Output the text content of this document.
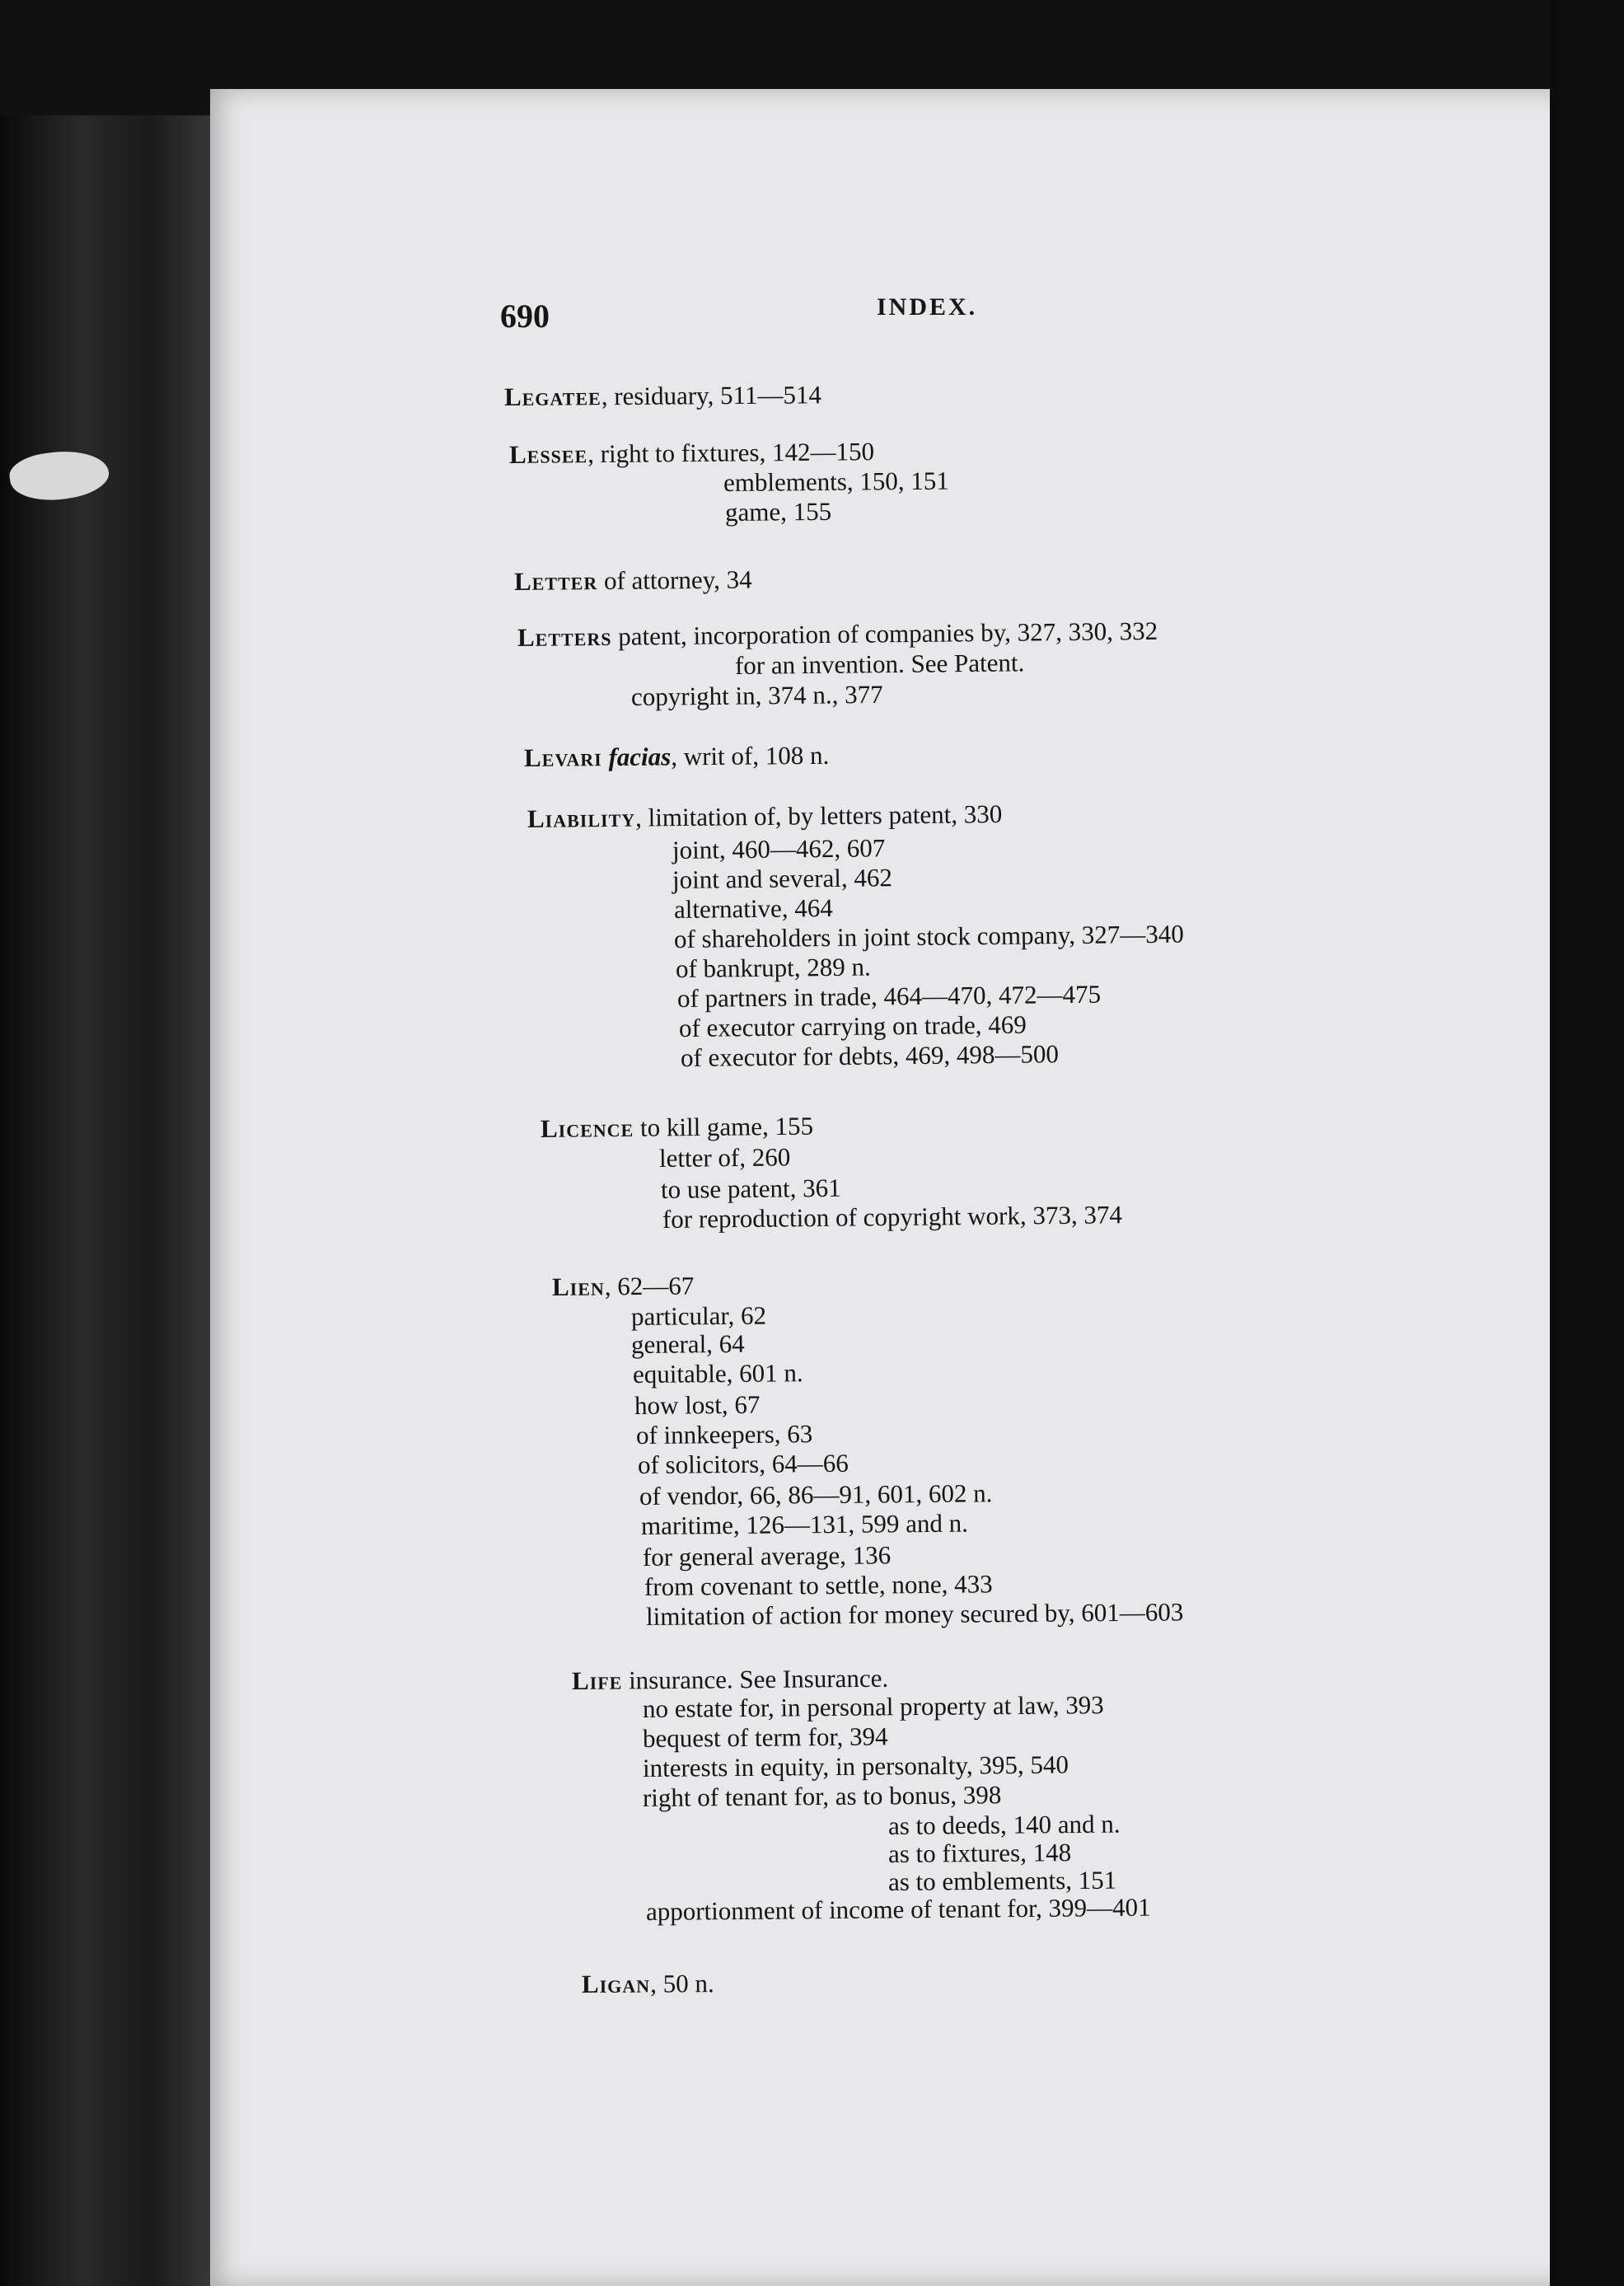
690	INDEX.
Legatee, residuary, 511—514
Lessee, right to fixtures, 142—150
emblements, 150, 151
game, 155
Letter of attorney, 34
Letters patent, incorporation of companies by, 327, 330, 332
for an invention. See Patent.
copyright in, 374 n., 377
Levari facias, writ of, 108 n.
Liability, limitation of, by letters patent, 330
joint, 460—462, 607
joint and several, 462
alternative, 464
of shareholders in joint stock company, 327—340
of bankrupt, 289 n.
of partners in trade, 464—470, 472—475
of executor carrying on trade, 469
of executor for debts, 469, 498—500
Licence to kill game, 155
letter of, 260
to use patent, 361
for reproduction of copyright work, 373, 374
Lien, 62—67
particular, 62
general, 64
equitable, 601 n.
how lost, 67
of innkeepers, 63
of solicitors, 64—66
of vendor, 66, 86—91, 601, 602 n.
maritime, 126—131, 599 and n.
for general average, 136
from covenant to settle, none, 433
limitation of action for money secured by, 601—603
Life insurance. See Insurance.
no estate for, in personal property at law, 393
bequest of term for, 394
interests in equity, in personalty, 395, 540
right of tenant for, as to bonus, 398
as to deeds, 140 and n.
as to fixtures, 148
as to emblements, 151
apportionment of income of tenant for, 399—401
Ligan, 50 n.
